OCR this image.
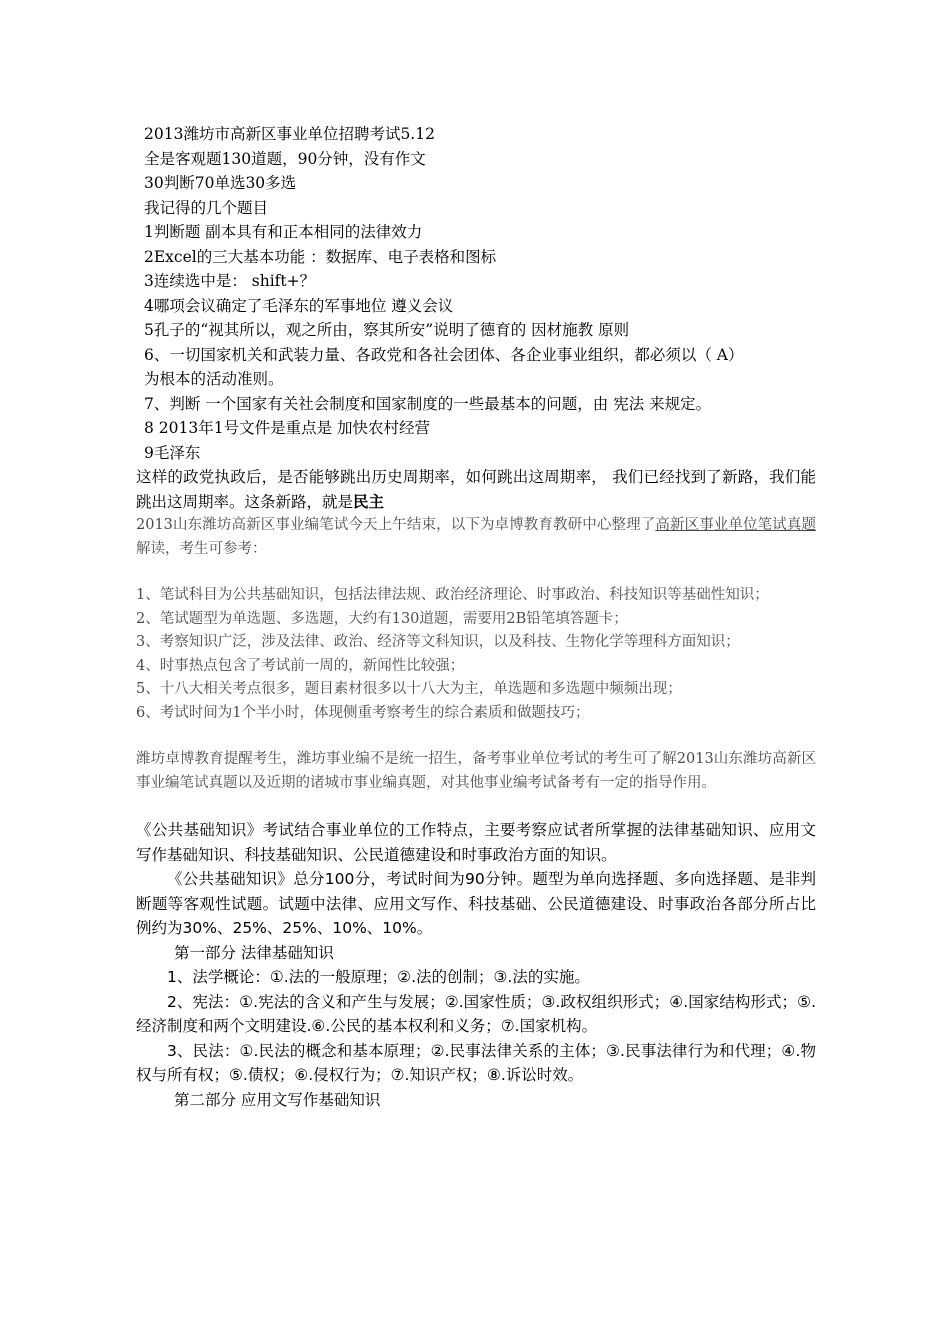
2013潍坊市高新区事业单位招聘考试5.12

全是客观题130道题，90分钟，没有作文

30判断70单选30多选

我记得的几个题目

1判断题 副本具有和正本相同的法律效力

2Excel的三大基本功能 ：数据库、电子表格和图标

3连续选中是： shift+？

4哪项会议确定了毛泽东的军事地位 遵义会议

5孔子的“视其所以，观之所由，察其所安”说明了德育的 因材施教 原则

6、一切国家机关和武装力量、各政党和各社会团体、各企业事业组织，都必须以（ A）

为根本的活动准则。

7、判断 一个国家有关社会制度和国家制度的一些最基本的问题，由 宪法 来规定。

8 2013年1号文件是重点是 加快农村经营

9毛泽东

这样的政党执政后，是否能够跳出历史周期率，如何跳出这周期率， 我们已经找到了新路，我们能跳出这周期率。这条新路，就是民主

2013山东潍坊高新区事业编笔试今天上午结束，以下为卓博教育教研中心整理了高新区事业单位笔试真题解读，考生可参考：

1、笔试科目为公共基础知识，包括法律法规、政治经济理论、时事政治、科技知识等基础性知识；

2、笔试题型为单选题、多选题，大约有130道题，需要用2B铅笔填答题卡；

3、考察知识广泛，涉及法律、政治、经济等文科知识，以及科技、生物化学等理科方面知识；

4、时事热点包含了考试前一周的，新闻性比较强；

5、十八大相关考点很多，题目素材很多以十八大为主，单选题和多选题中频频出现；

6、考试时间为1个半小时，体现侧重考察考生的综合素质和做题技巧；

潍坊卓博教育提醒考生，潍坊事业编不是统一招生，备考事业单位考试的考生可了解2013山东潍坊高新区事业编笔试真题以及近期的诸城市事业编真题，对其他事业编考试备考有一定的指导作用。

《公共基础知识》考试结合事业单位的工作特点，主要考察应试者所掌握的法律基础知识、应用文写作基础知识、科技基础知识、公民道德建设和时事政治方面的知识。

《公共基础知识》总分100分，考试时间为90分钟。题型为单向选择题、多向选择题、是非判断题等客观性试题。试题中法律、应用文写作、科技基础、公民道德建设、时事政治各部分所占比例约为30%、25%、25%、10%、10%。

第一部分 法律基础知识

1、法学概论：①.法的一般原理；②.法的创制；③.法的实施。

2、宪法：①.宪法的含义和产生与发展；②.国家性质；③.政权组织形式；④.国家结构形式；⑤.经济制度和两个文明建设.⑥.公民的基本权利和义务；⑦.国家机构。

3、民法：①.民法的概念和基本原理；②.民事法律关系的主体；③.民事法律行为和代理；④.物权与所有权；⑤.债权；⑥.侵权行为；⑦.知识产权；⑧.诉讼时效。

第二部分 应用文写作基础知识
